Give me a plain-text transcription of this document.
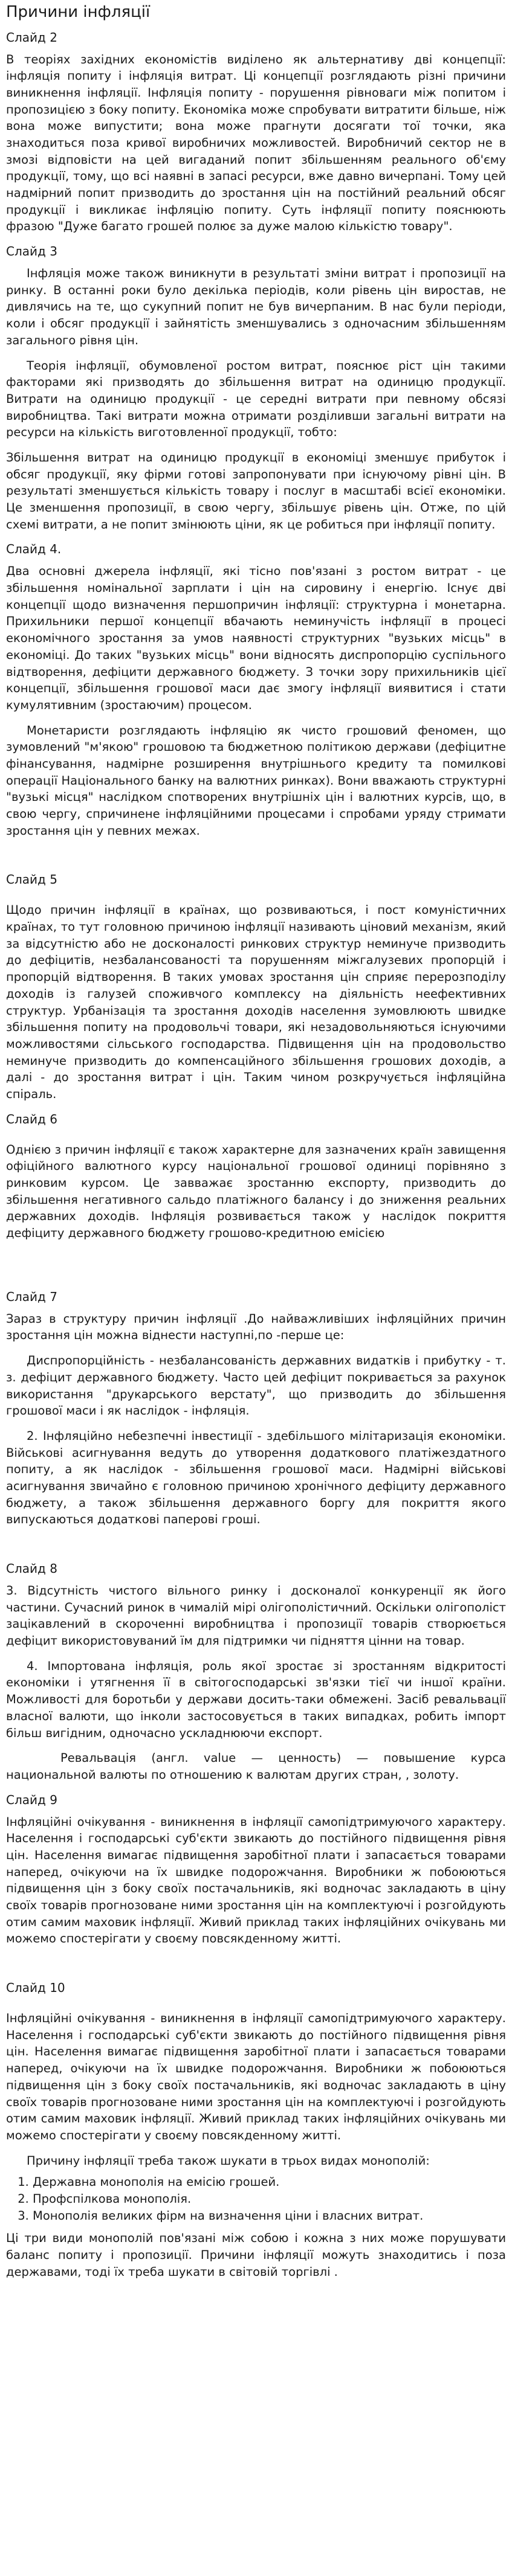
Причини інфляції
Слайд 2

В теоріях західних економістів виділено як альтернативу дві концепції: інфляція попиту і інфляція витрат. Ці концепції розглядають різні причини виникнення інфляції. Інфляція попиту - порушення рівноваги між попитом і пропозицією з боку попиту. Економіка може спробувати витратити більше, ніж вона може випустити; вона може прагнути досягати тої точки, яка знаходиться поза кривої виробничих можливостей. Виробничий сектор не в змозі відповісти на цей вигаданий попит збільшенням реального об'єму продукції, тому, що всі наявні в запасі ресурси, вже давно вичерпані. Тому цей надмірний попит призводить до зростання цін на постійний реальний обсяг продукції і викликає інфляцію попиту. Суть інфляції попиту пояснюють фразою "Дуже багато грошей полює за дуже малою кількістю товару".

Слайд 3

Інфляція може також виникнути в результаті зміни витрат і пропозиції на ринку. В останні роки було декілька періодів, коли рівень цін виростав, не дивлячись на те, що сукупний попит не був вичерпаним. В нас були періоди, коли і обсяг продукції і зайнятість зменшувались з одночасним збільшенням загального рівня цін.

Теорія інфляції, обумовленої ростом витрат, пояснює ріст цін такими факторами які призводять до збільшення витрат на одиницю продукції. Витрати на одиницю продукції - це середні витрати при певному обсязі виробництва. Такі витрати можна отримати розділивши загальні витрати на ресурси на кількість виготовленної продукції, тобто:

Збільшення витрат на одиницю продукції в економіці зменшує прибуток і обсяг продукції, яку фірми готові запропонувати при існуючому рівні цін. В результаті зменшується кількість товару і послуг в масштабі всієї економіки. Це зменшення пропозиції, в свою чергу, збільшує рівень цін. Отже, по цій схемі витрати, а не попит змінюють ціни, як це робиться при інфляції попиту.

Слайд 4.

Два основні джерела інфляції, які тісно пов'язані з ростом витрат - це збільшення номінальної зарплати і цін на сировину і енергію. Існує дві концепції щодо визначення першопричин інфляції: структурна і монетарна. Прихильники першої концепції вбачають неминучість інфляції в процесі економічного зростання за умов наявності структурних "вузьких місць" в економіці. До таких "вузьких місць" вони відносять диспропорцію суспільного відтворення, дефіцити державного бюджету. З точки зору прихильників цієї концепції, збільшення грошової маси дає змогу інфляції виявитися і стати кумулятивним (зростаючим) процесом.

Монетаристи розглядають інфляцію як чисто грошовий феномен, що зумовлений "м'якою" грошовою та бюджетною політикою держави (дефіцитне фінансування, надмірне розширення внутрішнього кредиту та помилкові операції Національного банку на валютних ринках). Вони вважають структурні "вузькі місця" наслідком спотворених внутрішніх цін і валютних курсів, що, в свою чергу, спричинене інфляційними процесами і спробами уряду стримати зростання цін у певних межах.

Слайд 5

Щодо причин інфляції в країнах, що розвиваються, і пост комуністичних країнах, то тут головною причиною інфляції називають ціновий механізм, який за відсутністю або не досконалості ринкових структур неминуче призводить до дефіцитів, незбалансованості та порушенням міжгалузевих пропорцій і пропорцій відтворення. В таких умовах зростання цін сприяє перерозподілу доходів із галузей споживчого комплексу на діяльність неефективних структур. Урбанізація та зростання доходів населення зумовлюють швидке збільшення попиту на продовольчі товари, які незадовольняються існуючими можливостями сільського господарства. Підвищення цін на продовольство неминуче призводить до компенсаційного збільшення грошових доходів, а далі - до зростання витрат і цін. Таким чином розкручується інфляційна спіраль.

Слайд 6

Однією з причин інфляції є також характерне для зазначених країн завищення офіційного валютного курсу національної грошової одиниці порівняно з ринковим курсом. Це завважає зростанню експорту, призводить до збільшення негативного сальдо платіжного балансу і до зниження реальних державних доходів. Інфляція розвивається також у наслідок покриття дефіциту державного бюджету грошово-кредитною емісією

Слайд 7

Зараз в структуру причин інфляції .До найважливіших інфляційних причин зростання цін можна віднести наступні,по -перше це:

Диспропорційність - незбалансованість державних видатків і прибутку - т. з. дефіцит державного бюджету. Часто цей дефіцит покривається за рахунок використання "друкарського верстату", що призводить до збільшення грошової маси і як наслідок - інфляція.

2. Інфляційно небезпечні інвестиції - здебільшого мілітаризація економіки. Військові асигнування ведуть до утворення додаткового платіжездатного попиту, а як наслідок - збільшення грошової маси. Надмірні військові асигнування звичайно є головною причиною хронічного дефіциту державного бюджету, а також збільшення державного боргу для покриття якого випускаються додаткові паперові гроші.

Слайд 8

3. Відсутність чистого вільного ринку і досконалої конкуренції як його частини. Сучасний ринок в чималій мірі олігополістичний. Оскільки олігополіст зацікавлений в скороченні виробництва і пропозиції товарів створюється дефіцит використовуваний їм для підтримки чи підняття цінни на товар.

4. Імпортована інфляція, роль якої зростає зі зростанням відкритості економіки і утягнення її в світогосподарські зв'язки тієї чи іншої країни. Можливості для боротьби у держави досить-таки обмежені. Засіб ревальвації власної валюти, що інколи застосовується в таких випадках, робить імпорт більш вигідним, одночасно ускладнюючи експорт.

Ревальвація (англ. value — ценность) — повышение курса национальной валюты по отношению к валютам других стран, , золоту.

Слайд 9

Інфляційні очікування - виникнення в інфляції самопідтримуючого характеру. Населення і господарські суб'єкти звикають до постійного підвищення рівня цін. Населення вимагає підвищення заробітної плати і запасається товарами наперед, очікуючи на їх швидке подорожчання. Виробники ж побоюються підвищення цін з боку своїх постачальників, які водночас закладають в ціну своїх товарів прогнозоване ними зростання цін на комплектуючі і розгойдують отим самим маховик інфляції. Живий приклад таких інфляційних очікувань ми можемо спостерігати у своєму повсякденному житті.

Слайд 10

Інфляційні очікування - виникнення в інфляції самопідтримуючого характеру. Населення і господарські суб'єкти звикають до постійного підвищення рівня цін. Населення вимагає підвищення заробітної плати і запасається товарами наперед, очікуючи на їх швидке подорожчання. Виробники ж побоюються підвищення цін з боку своїх постачальників, які водночас закладають в ціну своїх товарів прогнозоване ними зростання цін на комплектуючі і розгойдують отим самим маховик інфляції. Живий приклад таких інфляційних очікувань ми можемо спостерігати у своєму повсякденному житті.

Причину інфляції треба також шукати в трьох видах монополій:

1. Державна монополія на емісію грошей.
2. Профспілкова монополія.
3. Монополія великих фірм на визначення ціни і власних витрат.

Ці три види монополій пов'язані між собою і кожна з них може порушувати баланс попиту і пропозиції. Причини інфляції можуть знаходитись і поза державами, тоді їх треба шукати в світовій торгівлі .
